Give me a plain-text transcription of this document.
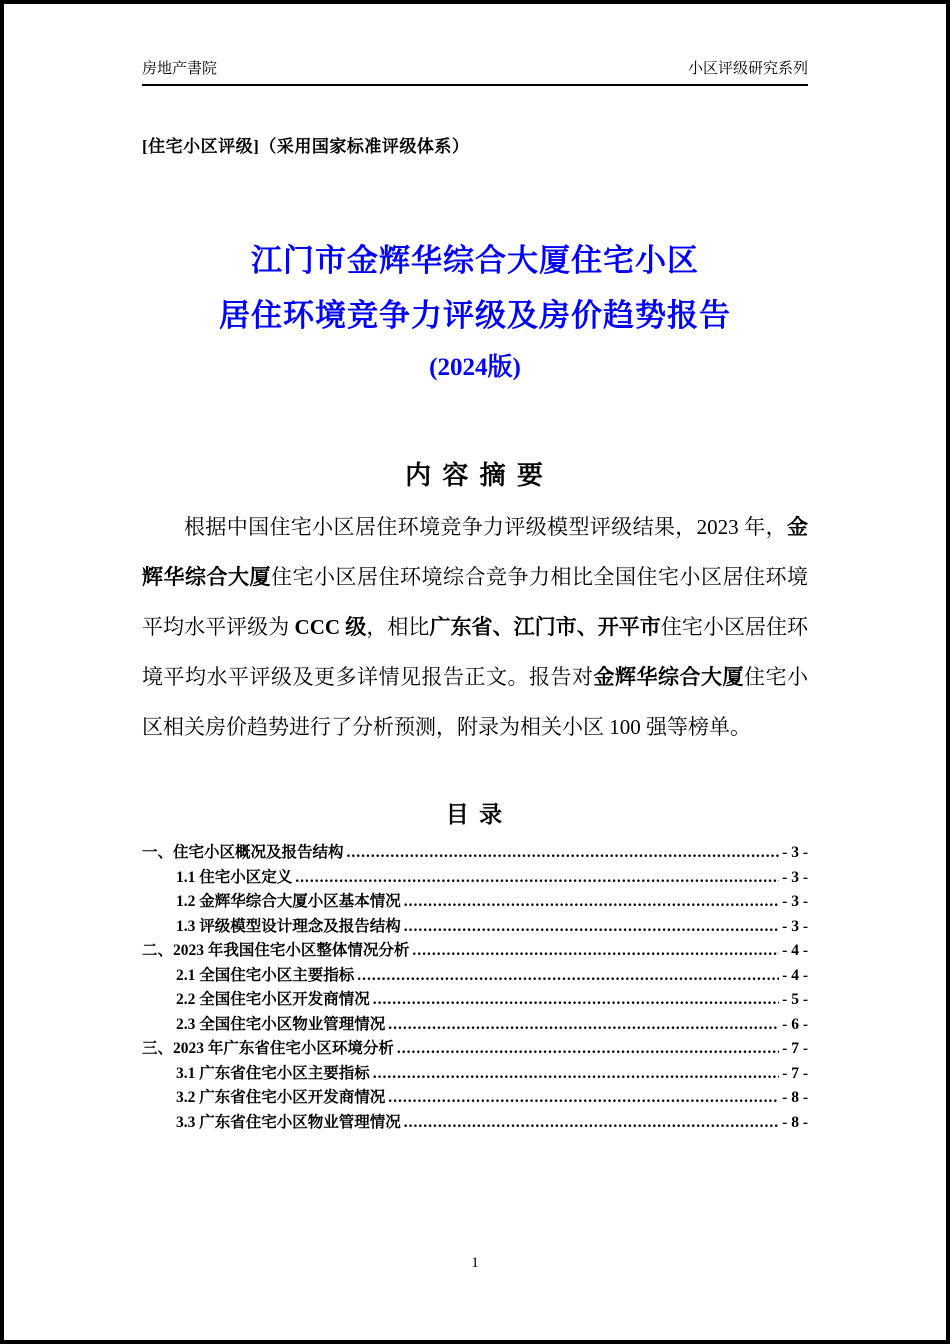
房地产書院	小区评级研究系列

[住宅小区评级]（采用国家标准评级体系）

江门市金辉华综合大厦住宅小区
居住环境竞争力评级及房价趋势报告
(2024版)
内 容 摘 要

根据中国住宅小区居住环境竞争力评级模型评级结果，2023 年，金辉华综合大厦住宅小区居住环境综合竞争力相比全国住宅小区居住环境平均水平评级为 CCC 级，相比广东省、江门市、开平市住宅小区居住环境平均水平评级及更多详情见报告正文。报告对金辉华综合大厦住宅小区相关房价趋势进行了分析预测，附录为相关小区 100 强等榜单。

目 录
一、住宅小区概况及报告结构 .....	- 3 -
1.1 住宅小区定义 .....	- 3 -
1.2 金辉华综合大厦小区基本情况 .....	- 3 -
1.3 评级模型设计理念及报告结构 .....	- 3 -
二、2023 年我国住宅小区整体情况分析 .....	- 4 -
2.1 全国住宅小区主要指标 .....	- 4 -
2.2 全国住宅小区开发商情况 .....	- 5 -
2.3 全国住宅小区物业管理情况 .....	- 6 -
三、2023 年广东省住宅小区环境分析 .....	- 7 -
3.1 广东省住宅小区主要指标 .....	- 7 -
3.2 广东省住宅小区开发商情况 .....	- 8 -
3.3 广东省住宅小区物业管理情况 .....	- 8 -
1
